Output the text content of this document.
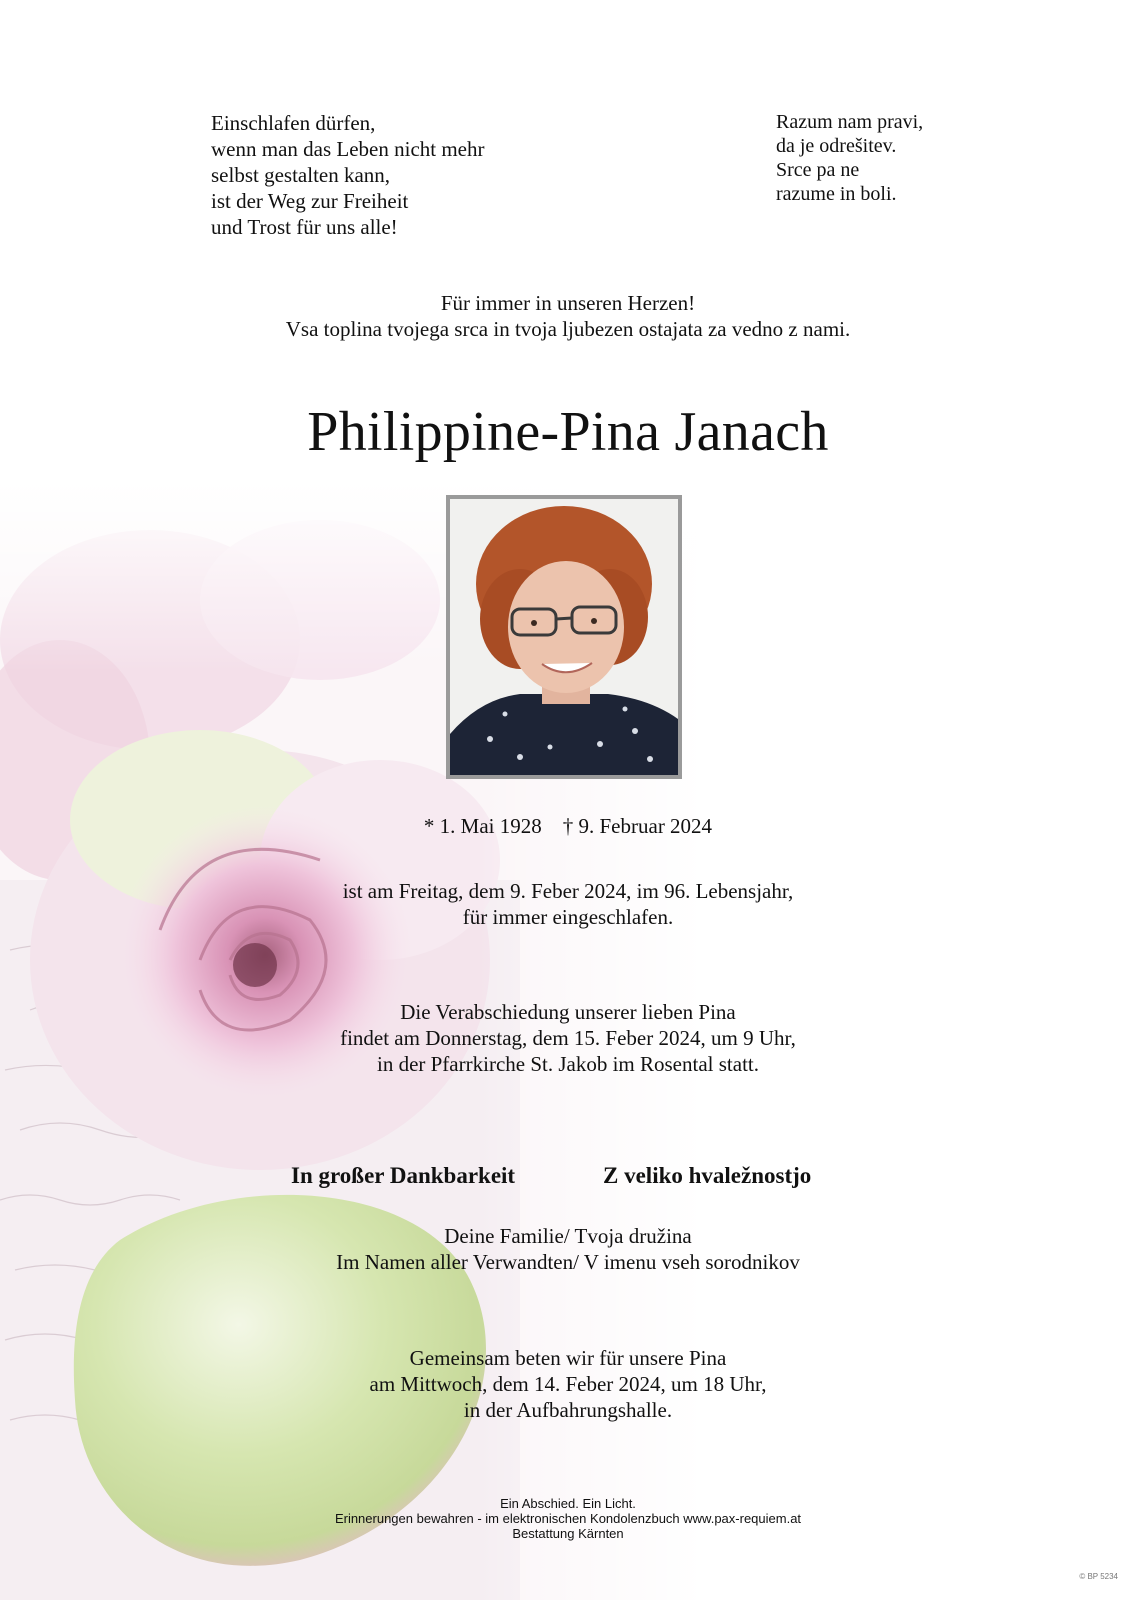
Einschlafen dürfen,
wenn man das Leben nicht mehr
selbst gestalten kann,
ist der Weg zur Freiheit
und Trost für uns alle!
Razum nam pravi,
da je odrešitev.
Srce pa ne
razume in boli.
Für immer in unseren Herzen!
Vsa toplina tvojega srca in tvoja ljubezen ostajata za vedno z nami.
Philippine-Pina Janach
* 1. Mai 1928    † 9. Februar 2024
ist am Freitag, dem 9. Feber 2024, im 96. Lebensjahr,
für immer eingeschlafen.
Die Verabschiedung unserer lieben Pina
findet am Donnerstag, dem 15. Feber 2024, um 9 Uhr,
in der Pfarrkirche St. Jakob im Rosental statt.
In großer Dankbarkeit	Z veliko hvaležnostjo
Deine Familie/ Tvoja družina
Im Namen aller Verwandten/ V imenu vseh sorodnikov
Gemeinsam beten wir für unsere Pina
am Mittwoch, dem 14. Feber 2024, um 18 Uhr,
in der Aufbahrungshalle.
Ein Abschied. Ein Licht.
Erinnerungen bewahren - im elektronischen Kondolenzbuch www.pax-requiem.at
Bestattung Kärnten
© BP 5234
